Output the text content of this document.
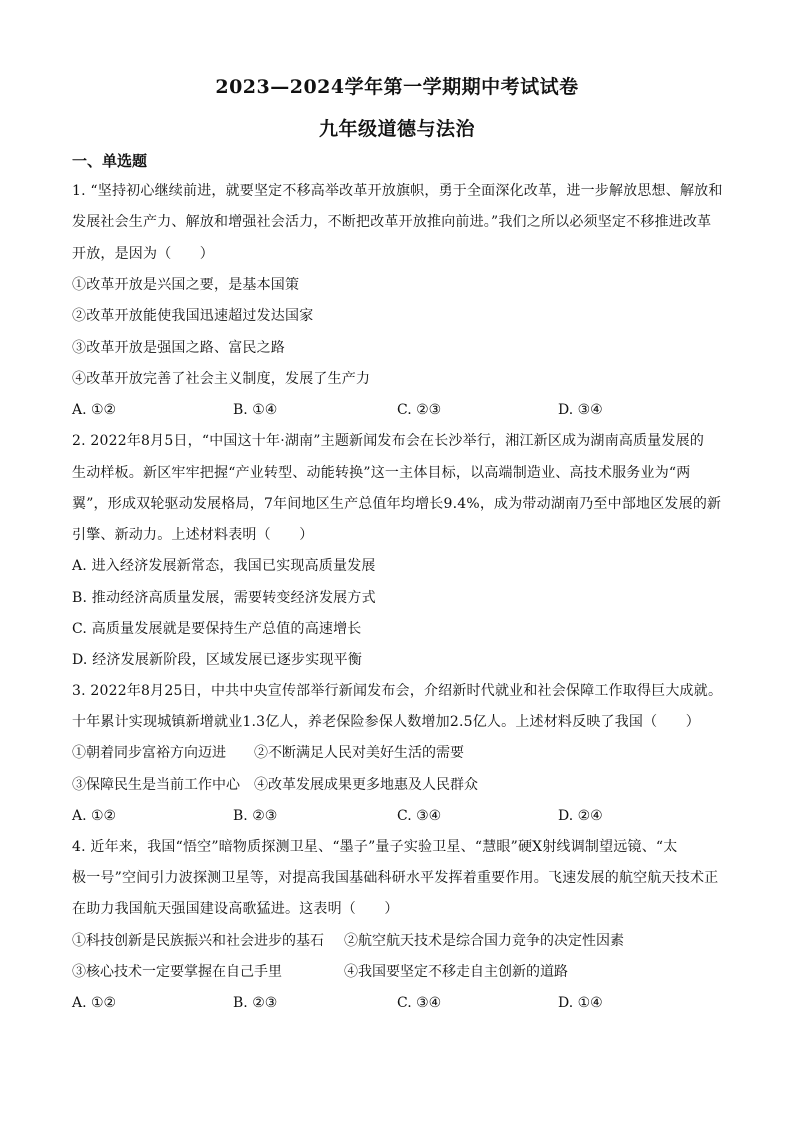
2023—2024学年第一学期期中考试试卷
九年级道德与法治
一、单选题
1. “坚持初心继续前进，就要坚定不移高举改革开放旗帜，勇于全面深化改革，进一步解放思想、解放和
发展社会生产力、解放和增强社会活力，不断把改革开放推向前进。”我们之所以必须坚定不移推进改革
开放，是因为（　　）
①改革开放是兴国之要，是基本国策
②改革开放能使我国迅速超过发达国家
③改革开放是强国之路、富民之路
④改革开放完善了社会主义制度，发展了生产力
A. ①②	B. ①④	C. ②③	D. ③④
2. 2022年8月5日，“中国这十年·湖南”主题新闻发布会在长沙举行，湘江新区成为湖南高质量发展的
生动样板。新区牢牢把握“产业转型、动能转换”这一主体目标，以高端制造业、高技术服务业为“两
翼”，形成双轮驱动发展格局，7年间地区生产总值年均增长9.4%，成为带动湖南乃至中部地区发展的新
引擎、新动力。上述材料表明（　　）
A. 进入经济发展新常态，我国已实现高质量发展
B. 推动经济高质量发展，需要转变经济发展方式
C. 高质量发展就是要保持生产总值的高速增长
D. 经济发展新阶段，区域发展已逐步实现平衡
3. 2022年8月25日，中共中央宣传部举行新闻发布会，介绍新时代就业和社会保障工作取得巨大成就。
十年累计实现城镇新增就业1.3亿人，养老保险参保人数增加2.5亿人。上述材料反映了我国（　　）
①朝着同步富裕方向迈进 ②不断满足人民对美好生活的需要
③保障民生是当前工作中心 ④改革发展成果更多地惠及人民群众
A. ①②	B. ②③	C. ③④	D. ②④
4. 近年来，我国“悟空”暗物质探测卫星、“墨子”量子实验卫星、“慧眼”硬X射线调制望远镜、“太
极一号”空间引力波探测卫星等，对提高我国基础科研水平发挥着重要作用。飞速发展的航空航天技术正
在助力我国航天强国建设高歌猛进。这表明（　　）
①科技创新是民族振兴和社会进步的基石 ②航空航天技术是综合国力竞争的决定性因素
③核心技术一定要掌握在自己手里	④我国要坚定不移走自主创新的道路
A. ①②	B. ②③	C. ③④	D. ①④
